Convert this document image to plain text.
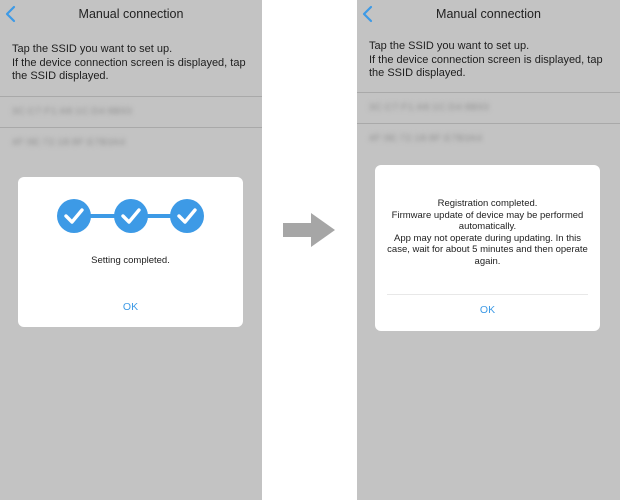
Manual connection
Tap the SSID you want to set up.
If the device connection screen is displayed, tap
the SSID displayed.
3C:C7:F1:A8:1C:D4:8B93
4F:9E:72:18:8F:E7B3A4
Setting completed.
OK
Manual connection
Tap the SSID you want to set up.
If the device connection screen is displayed, tap
the SSID displayed.
3C:C7:F1:A8:1C:D4:8B93
4F:9E:72:18:8F:E7B3A4
Registration completed.
Firmware update of device may be performed
automatically.
App may not operate during updating. In this
case, wait for about 5 minutes and then operate
again.
OK
